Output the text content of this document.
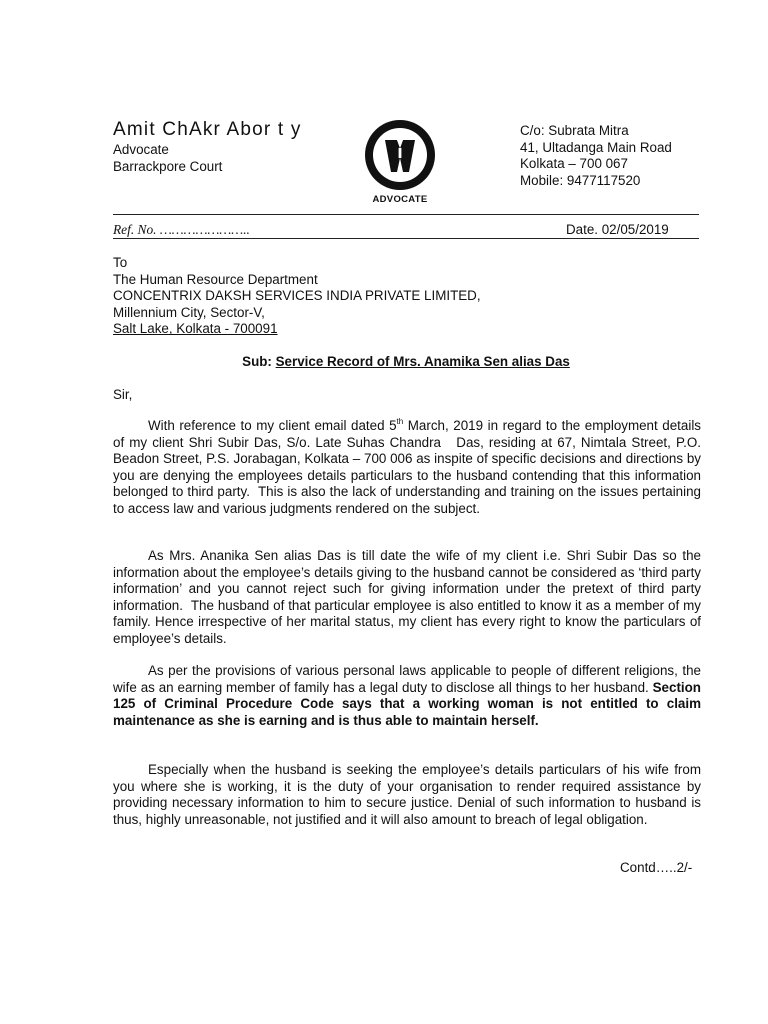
Amit ChAkr Abor t y
Advocate
Barrackpore Court
ADVOCATE
C/o: Subrata Mitra
41, Ultadanga Main Road
Kolkata – 700 067
Mobile: 9477117520
Ref. No. …………………..	Date. 02/05/2019
To
The Human Resource Department
CONCENTRIX DAKSH SERVICES INDIA PRIVATE LIMITED,
Millennium City, Sector-V,
Salt Lake, Kolkata - 700091
Sub: Service Record of Mrs. Anamika Sen alias Das
Sir,
With reference to my client email dated 5th March, 2019 in regard to the employment details of my client Shri Subir Das, S/o. Late Suhas Chandra   Das, residing at 67, Nimtala Street, P.O. Beadon Street, P.S. Jorabagan, Kolkata – 700 006 as inspite of specific decisions and directions by you are denying the employees details particulars to the husband contending that this information belonged to third party.  This is also the lack of understanding and training on the issues pertaining to access law and various judgments rendered on the subject.
As Mrs. Ananika Sen alias Das is till date the wife of my client i.e. Shri Subir Das so the information about the employee’s details giving to the husband cannot be considered as ‘third party information’ and you cannot reject such for giving information under the pretext of third party information.  The husband of that particular employee is also entitled to know it as a member of my family. Hence irrespective of her marital status, my client has every right to know the particulars of employee’s details.
As per the provisions of various personal laws applicable to people of different religions, the wife as an earning member of family has a legal duty to disclose all things to her husband. Section 125 of Criminal Procedure Code says that a working woman is not entitled to claim maintenance as she is earning and is thus able to maintain herself.
Especially when the husband is seeking the employee’s details particulars of his wife from you where she is working, it is the duty of your organisation to render required assistance by providing necessary information to him to secure justice. Denial of such information to husband is thus, highly unreasonable, not justified and it will also amount to breach of legal obligation.
Contd…..2/-
